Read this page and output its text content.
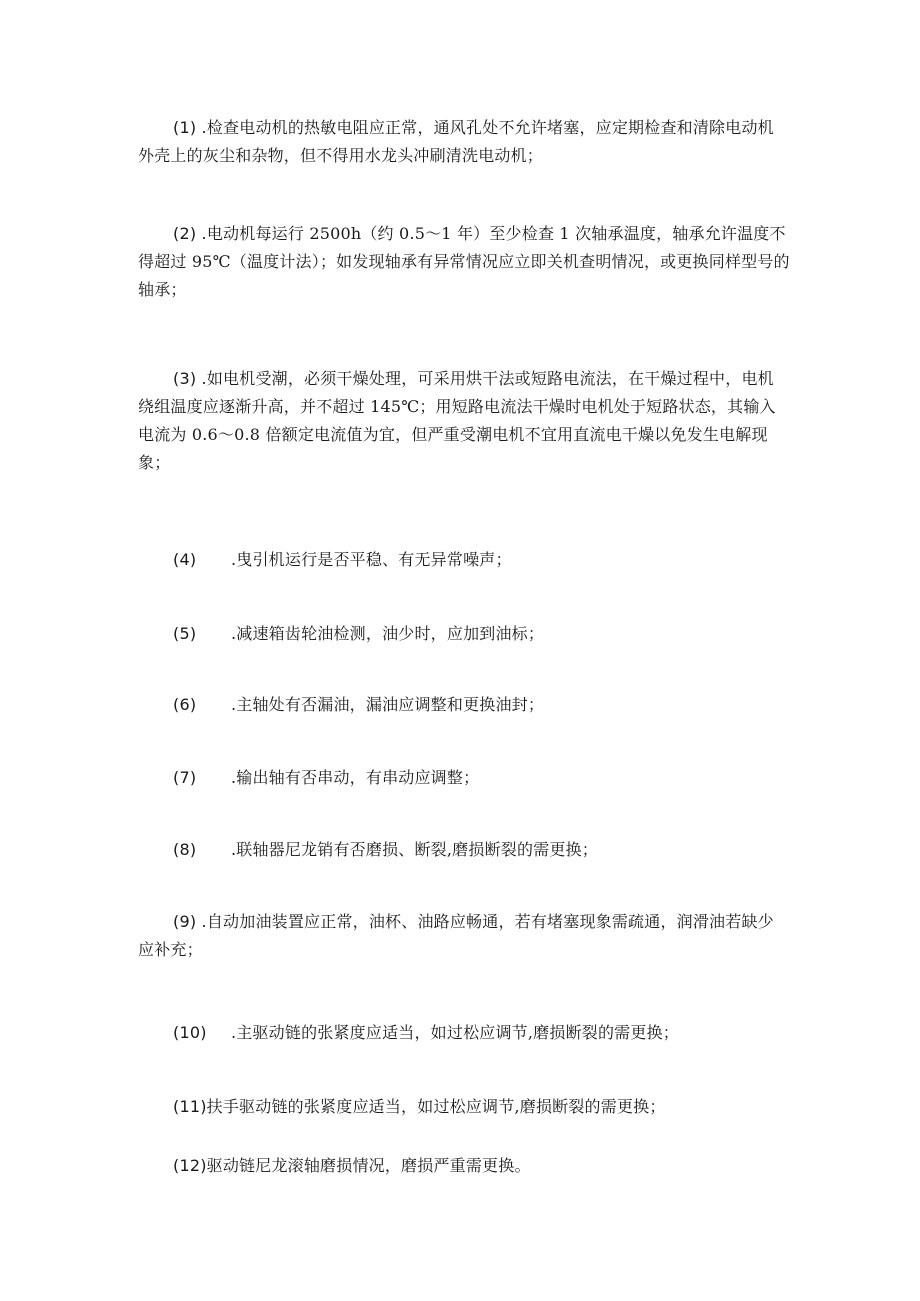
(1) .检查电动机的热敏电阻应正常，通风孔处不允许堵塞，应定期检查和清除电动机外壳上的灰尘和杂物，但不得用水龙头冲刷清洗电动机；

(2) .电动机每运行 2500h（约 0.5～1 年）至少检查 1 次轴承温度，轴承允许温度不得超过 95℃（温度计法）；如发现轴承有异常情况应立即关机查明情况，或更换同样型号的轴承；

(3) .如电机受潮，必须干燥处理，可采用烘干法或短路电流法，在干燥过程中，电机绕组温度应逐渐升高，并不超过 145℃；用短路电流法干燥时电机处于短路状态，其输入电流为 0.6～0.8 倍额定电流值为宜，但严重受潮电机不宜用直流电干燥以免发生电解现象；

(4) .曳引机运行是否平稳、有无异常噪声；

(5) .减速箱齿轮油检测，油少时，应加到油标；

(6) .主轴处有否漏油，漏油应调整和更换油封；

(7) .输出轴有否串动，有串动应调整；

(8) .联轴器尼龙销有否磨损、断裂,磨损断裂的需更换；

(9) .自动加油装置应正常，油杯、油路应畅通，若有堵塞现象需疏通，润滑油若缺少应补充；

(10) .主驱动链的张紧度应适当，如过松应调节,磨损断裂的需更换；

(11)扶手驱动链的张紧度应适当，如过松应调节,磨损断裂的需更换；

(12)驱动链尼龙滚轴磨损情况，磨损严重需更换。
